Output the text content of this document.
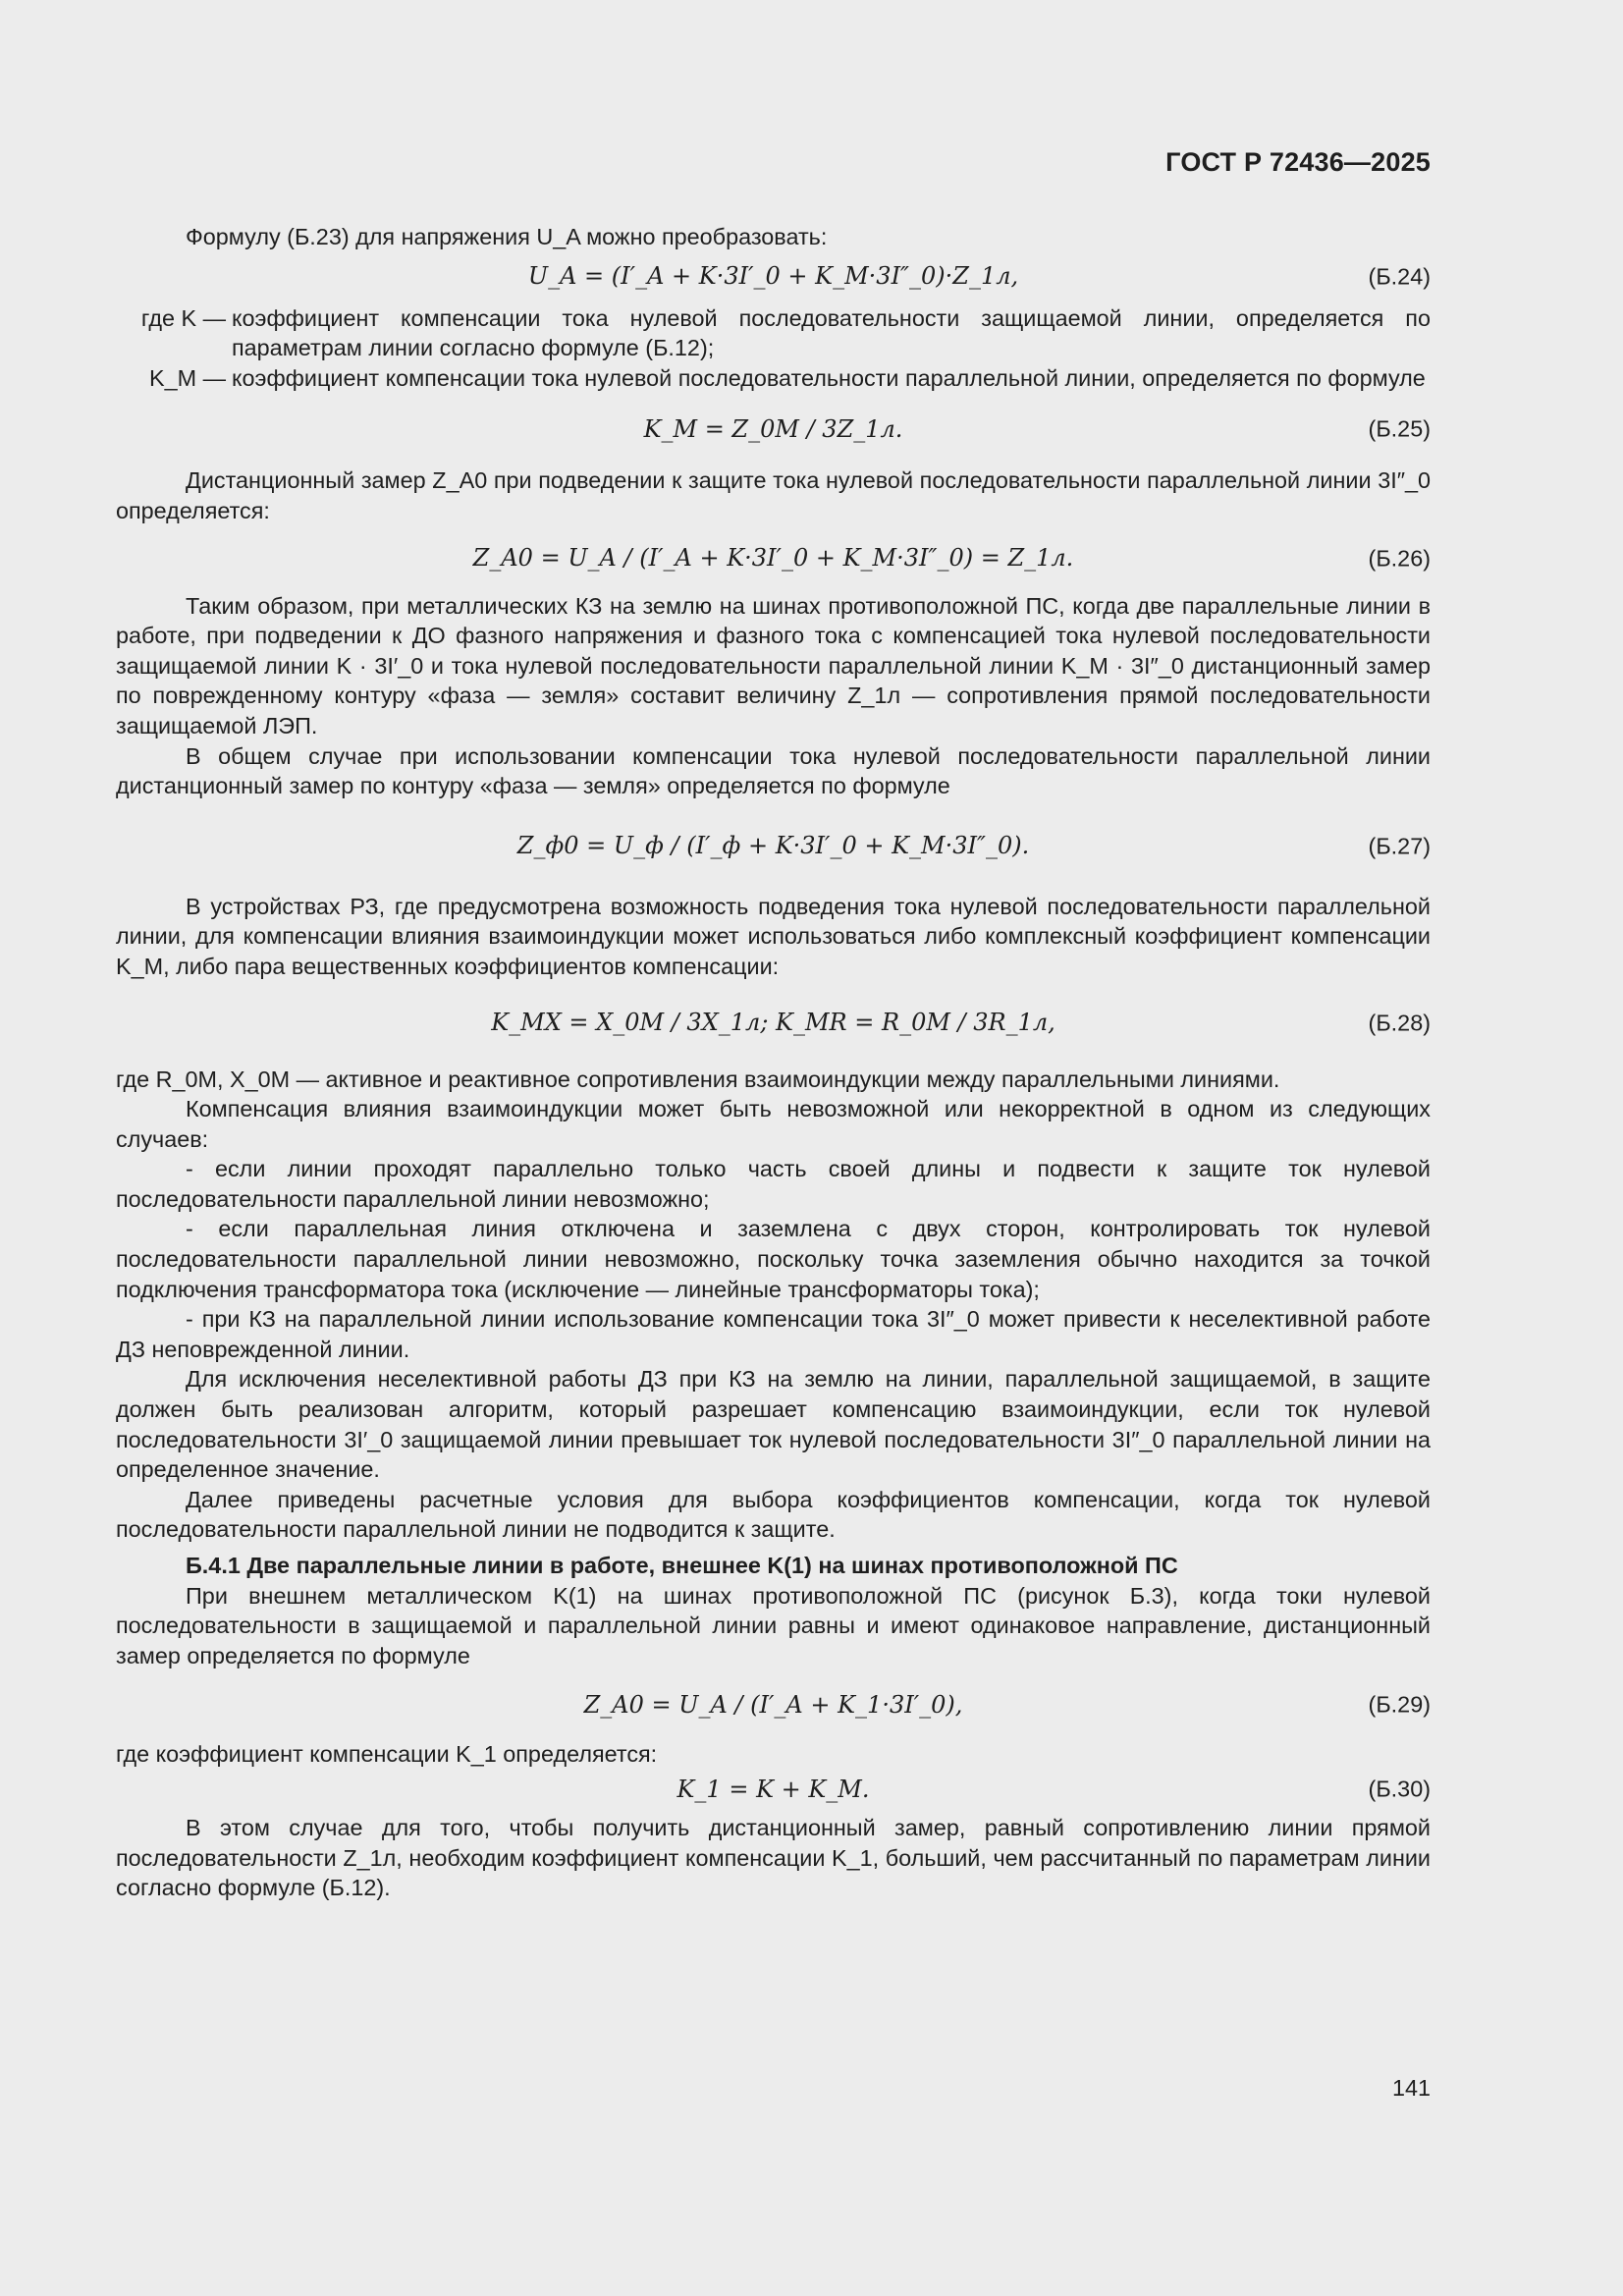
ГОСТ Р 72436—2025

Формулу (Б.23) для напряжения U_A можно преобразовать:

U_A = (I′_A + K·3I′_0 + K_M·3I″_0)·Z_1л,	(Б.24)
где K — коэффициент компенсации тока нулевой последовательности защищаемой линии, определяется по параметрам линии согласно формуле (Б.12);
K_M — коэффициент компенсации тока нулевой последовательности параллельной линии, определяется по формуле
K_M = Z_0M / 3Z_1л.	(Б.25)

Дистанционный замер Z_A0 при подведении к защите тока нулевой последовательности параллельной линии 3I″_0 определяется:

Z_A0 = U_A / (I′_A + K·3I′_0 + K_M·3I″_0) = Z_1л.	(Б.26)

Таким образом, при металлических КЗ на землю на шинах противоположной ПС, когда две параллельные линии в работе, при подведении к ДО фазного напряжения и фазного тока с компенсацией тока нулевой последовательности защищаемой линии K · 3I′_0 и тока нулевой последовательности параллельной линии K_M · 3I″_0 дистанционный замер по поврежденному контуру «фаза — земля» составит величину Z_1л — сопротивления прямой последовательности защищаемой ЛЭП.

В общем случае при использовании компенсации тока нулевой последовательности параллельной линии дистанционный замер по контуру «фаза — земля» определяется по формуле

Z_ф0 = U_ф / (I′_ф + K·3I′_0 + K_M·3I″_0).	(Б.27)

В устройствах РЗ, где предусмотрена возможность подведения тока нулевой последовательности параллельной линии, для компенсации влияния взаимоиндукции может использоваться либо комплексный коэффициент компенсации K_M, либо пара вещественных коэффициентов компенсации:

K_MX = X_0M / 3X_1л; K_MR = R_0M / 3R_1л,	(Б.28)

где R_0M, X_0M — активное и реактивное сопротивления взаимоиндукции между параллельными линиями.

Компенсация влияния взаимоиндукции может быть невозможной или некорректной в одном из следующих случаев:

- если линии проходят параллельно только часть своей длины и подвести к защите ток нулевой последовательности параллельной линии невозможно;

- если параллельная линия отключена и заземлена с двух сторон, контролировать ток нулевой последовательности параллельной линии невозможно, поскольку точка заземления обычно находится за точкой подключения трансформатора тока (исключение — линейные трансформаторы тока);

- при КЗ на параллельной линии использование компенсации тока 3I″_0 может привести к неселективной работе ДЗ неповрежденной линии.

Для исключения неселективной работы ДЗ при КЗ на землю на линии, параллельной защищаемой, в защите должен быть реализован алгоритм, который разрешает компенсацию взаимоиндукции, если ток нулевой последовательности 3I′_0 защищаемой линии превышает ток нулевой последовательности 3I″_0 параллельной линии на определенное значение.

Далее приведены расчетные условия для выбора коэффициентов компенсации, когда ток нулевой последовательности параллельной линии не подводится к защите.

Б.4.1 Две параллельные линии в работе, внешнее K(1) на шинах противоположной ПС

При внешнем металлическом K(1) на шинах противоположной ПС (рисунок Б.3), когда токи нулевой последовательности в защищаемой и параллельной линии равны и имеют одинаковое направление, дистанционный замер определяется по формуле

Z_A0 = U_A / (I′_A + K_1·3I′_0),	(Б.29)

где коэффициент компенсации K_1 определяется:

K_1 = K + K_M.	(Б.30)

В этом случае для того, чтобы получить дистанционный замер, равный сопротивлению линии прямой последовательности Z_1л, необходим коэффициент компенсации K_1, больший, чем рассчитанный по параметрам линии согласно формуле (Б.12).

141
